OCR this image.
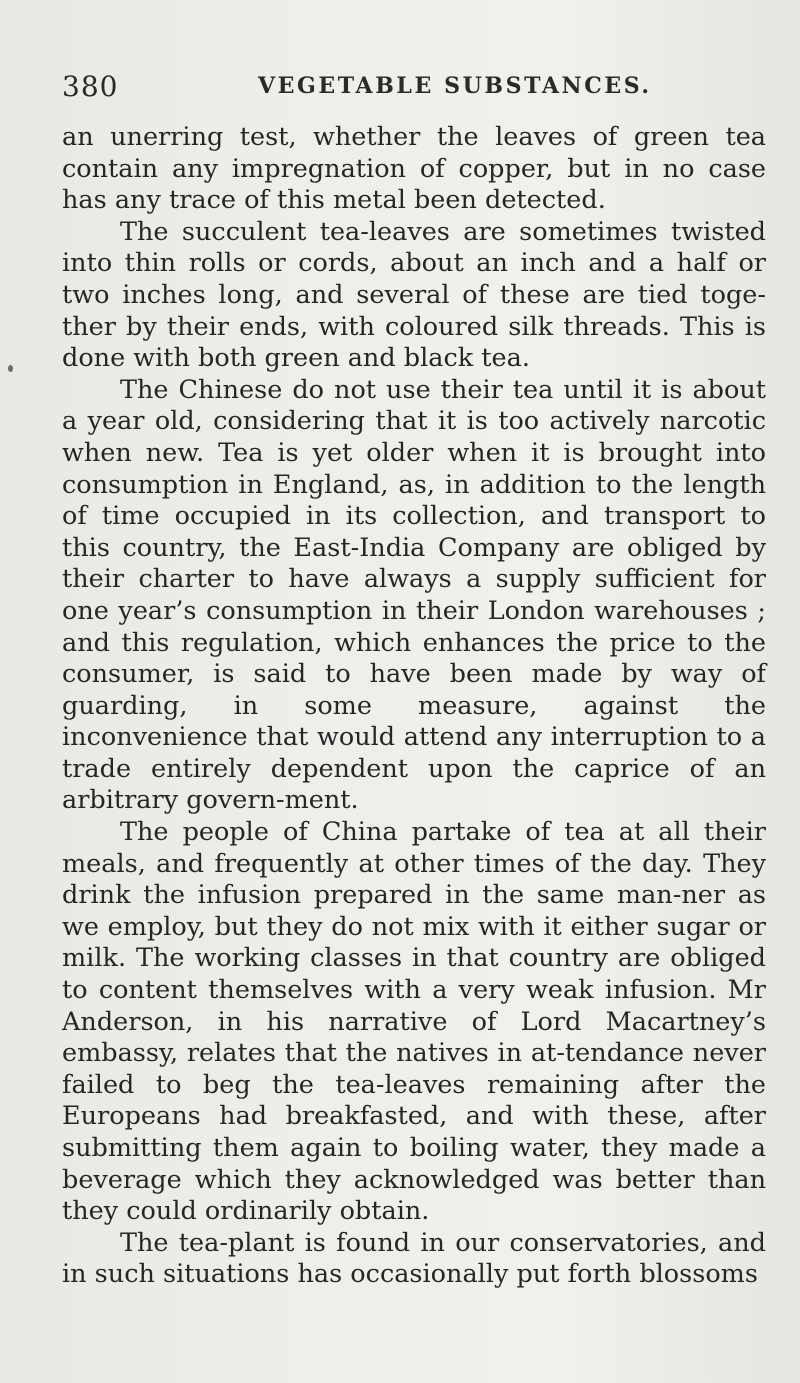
380	VEGETABLE SUBSTANCES.

an unerring test, whether the leaves of green tea contain any impregnation of copper, but in no case has any trace of this metal been detected.

The succulent tea-leaves are sometimes twisted into thin rolls or cords, about an inch and a half or two inches long, and several of these are tied toge-ther by their ends, with coloured silk threads. This is done with both green and black tea.

The Chinese do not use their tea until it is about a year old, considering that it is too actively narcotic when new. Tea is yet older when it is brought into consumption in England, as, in addition to the length of time occupied in its collection, and transport to this country, the East-India Company are obliged by their charter to have always a supply sufficient for one year’s consumption in their London warehouses ; and this regulation, which enhances the price to the consumer, is said to have been made by way of guarding, in some measure, against the inconvenience that would attend any interruption to a trade entirely dependent upon the caprice of an arbitrary govern-ment.

The people of China partake of tea at all their meals, and frequently at other times of the day. They drink the infusion prepared in the same man-ner as we employ, but they do not mix with it either sugar or milk. The working classes in that country are obliged to content themselves with a very weak infusion. Mr Anderson, in his narrative of Lord Macartney’s embassy, relates that the natives in at-tendance never failed to beg the tea-leaves remaining after the Europeans had breakfasted, and with these, after submitting them again to boiling water, they made a beverage which they acknowledged was better than they could ordinarily obtain.

The tea-plant is found in our conservatories, and in such situations has occasionally put forth blossoms
